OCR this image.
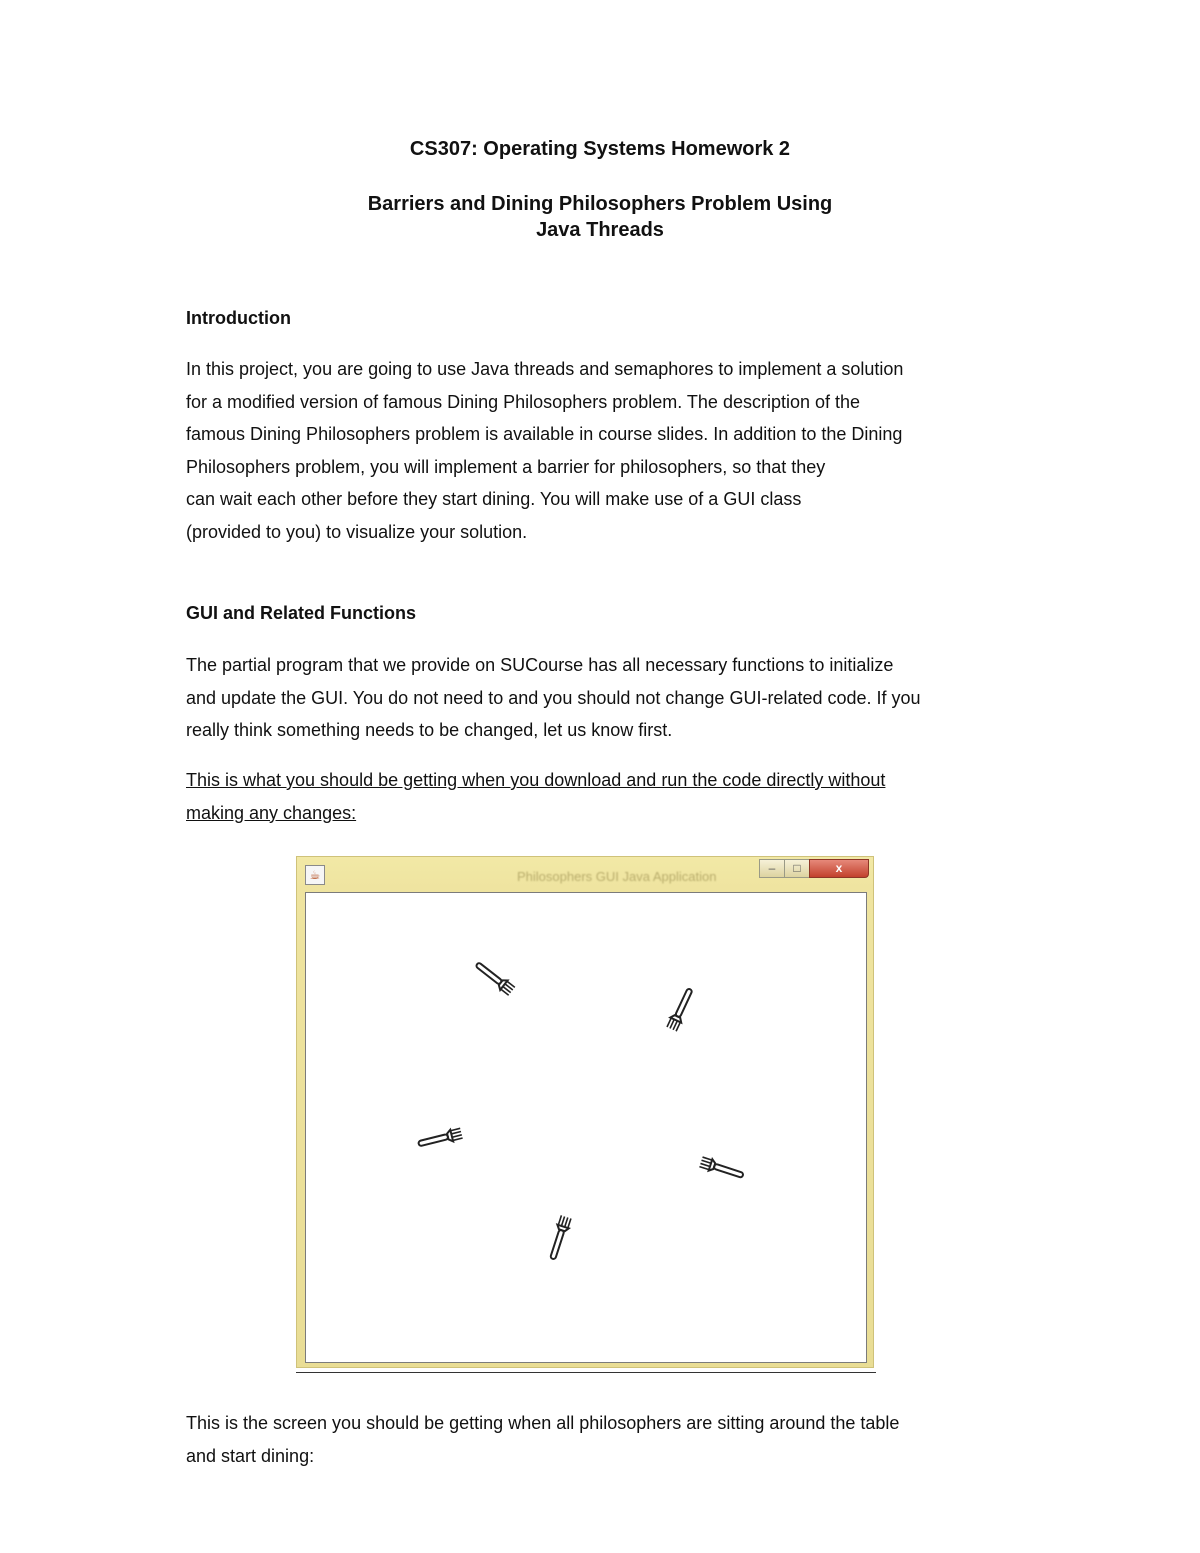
CS307: Operating Systems Homework 2
Barriers and Dining Philosophers Problem Using
Java Threads
Introduction
In this project, you are going to use Java threads and semaphores to implement a solution
for a modified version of famous Dining Philosophers problem. The description of the
famous Dining Philosophers problem is available in course slides. In addition to the Dining
Philosophers problem, you will implement a barrier for philosophers, so that they
can wait each other before they start dining. You will make use of a GUI class
(provided to you) to visualize your solution.
GUI and Related Functions
The partial program that we provide on SUCourse has all necessary functions to initialize
and update the GUI. You do not need to and you should not change GUI-related code. If you
really think something needs to be changed, let us know first.
This is what you should be getting when you download and run the code directly without
making any changes:
☕	Philosophers GUI Java Application
–	□	x
This is the screen you should be getting when all philosophers are sitting around the table
and start dining:
